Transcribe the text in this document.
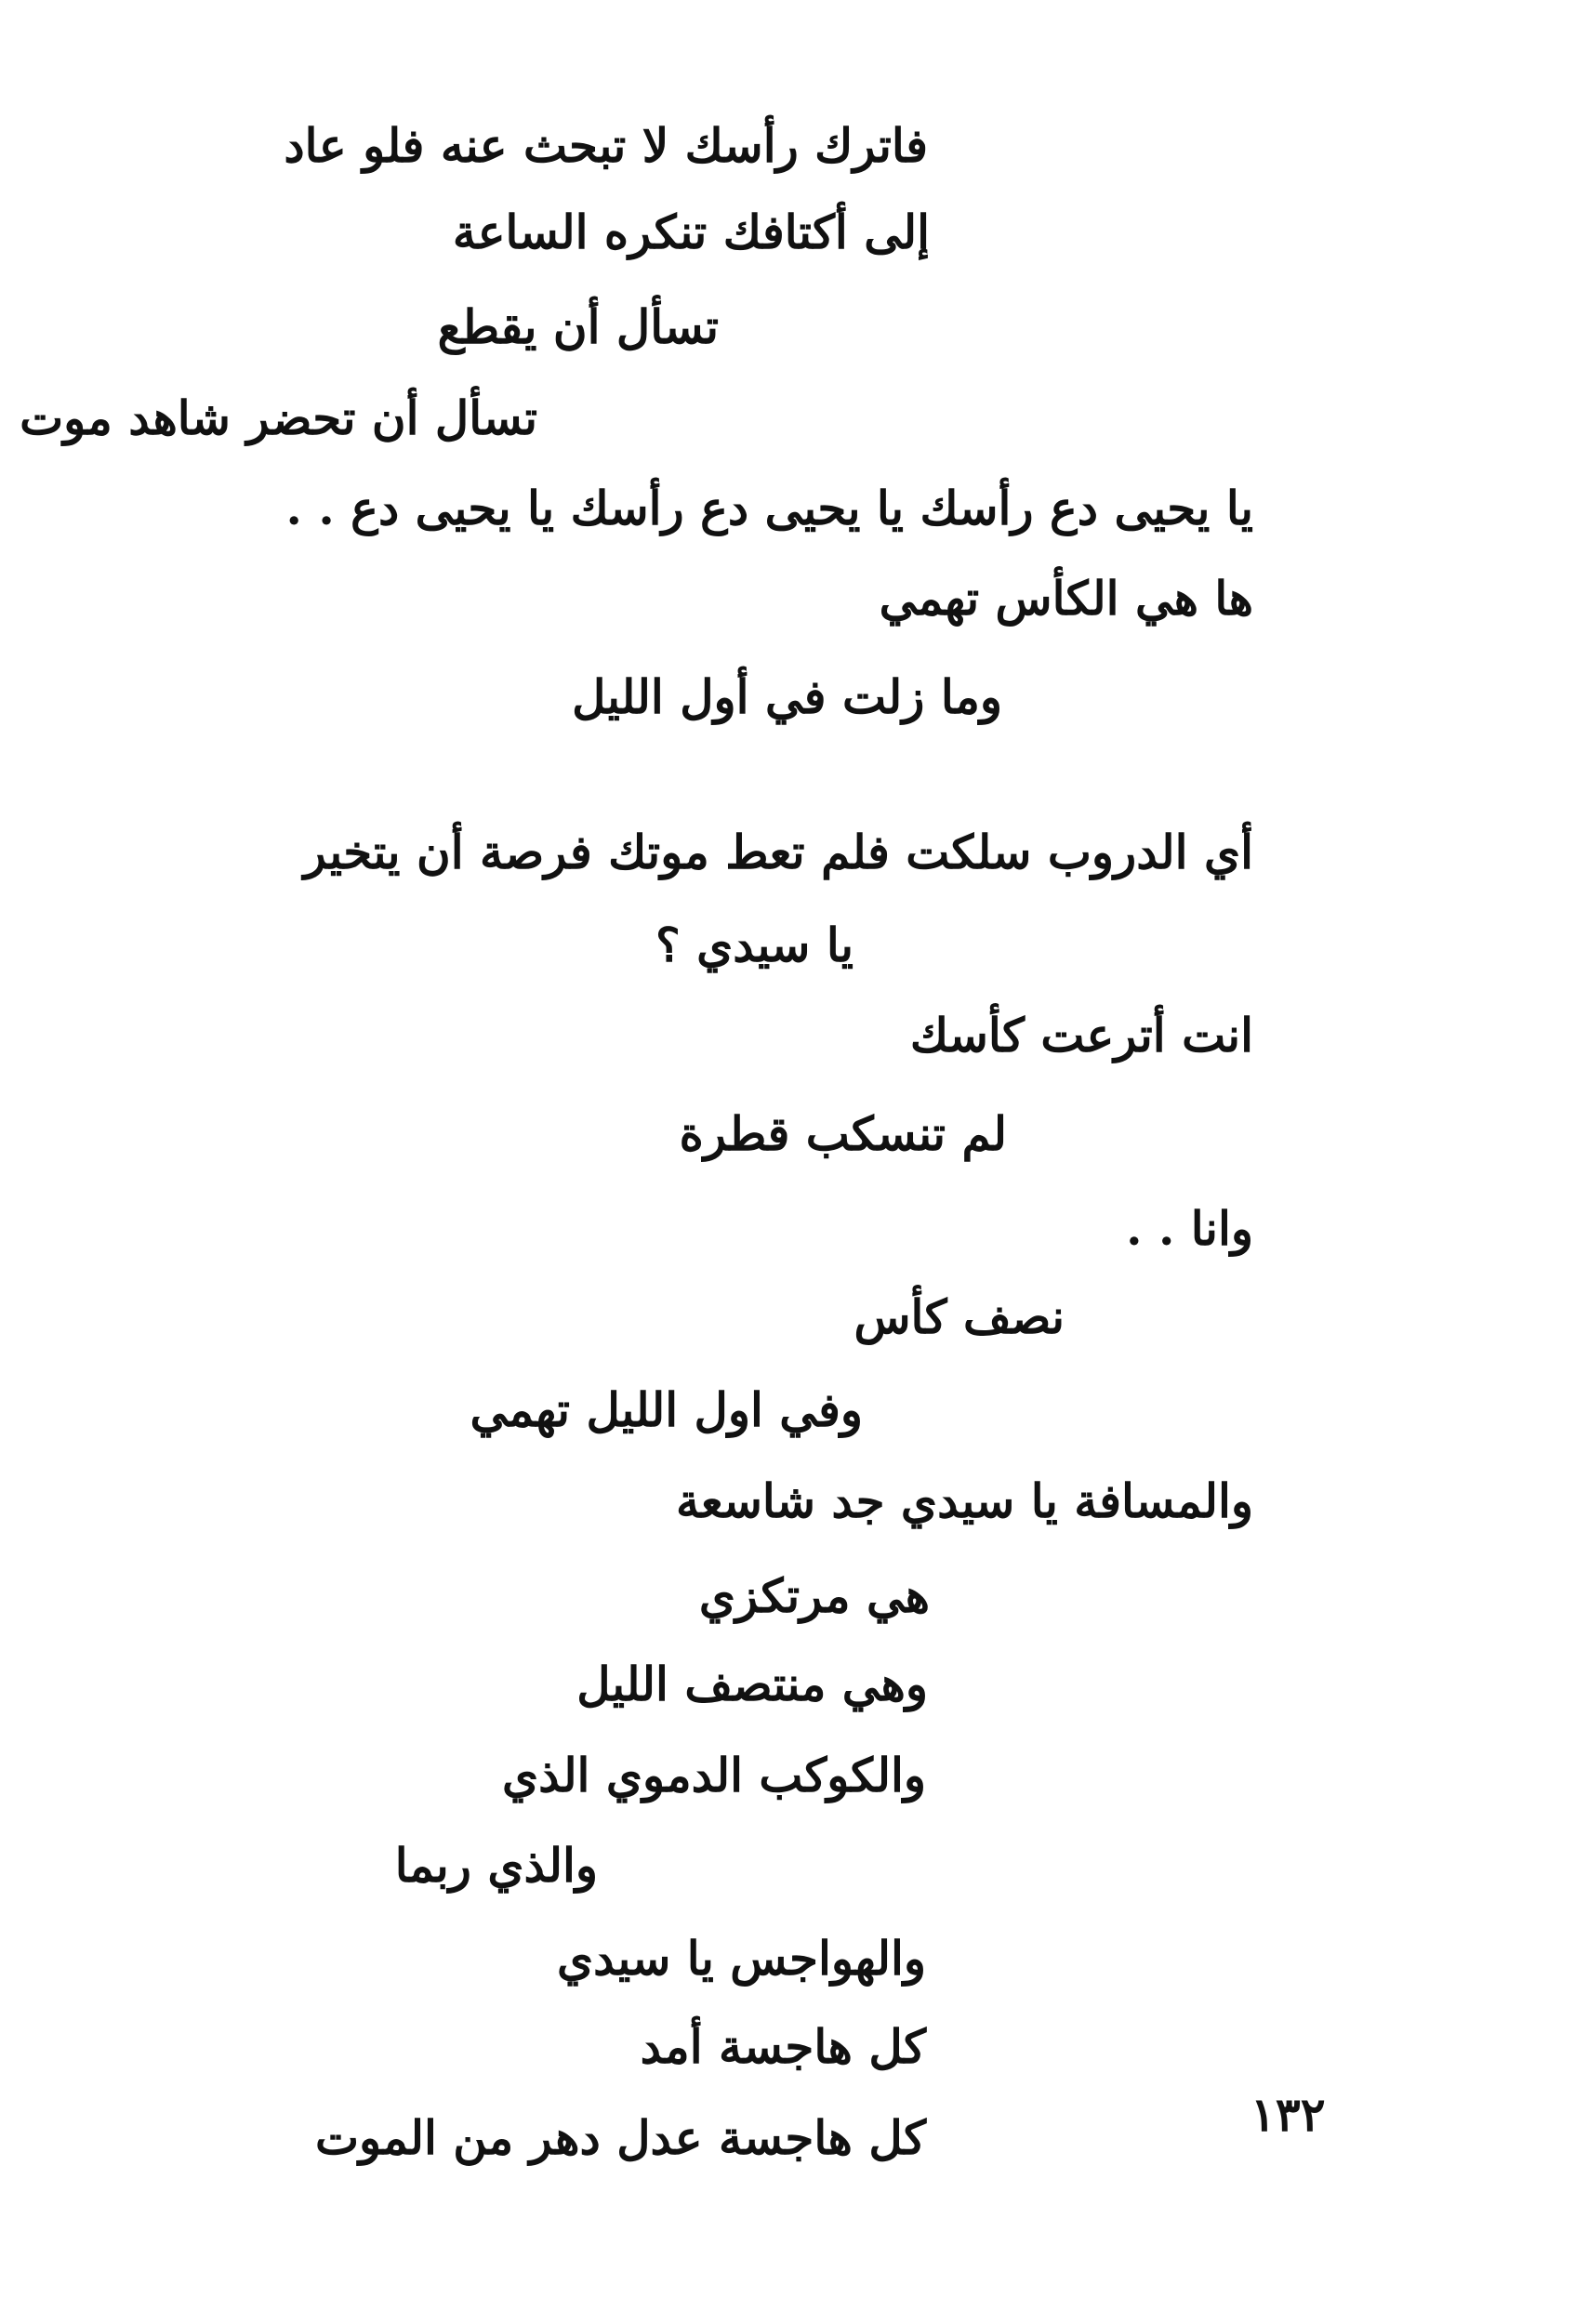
فاترك رأسك لا تبحث عنه فلو عاد
إلى أكتافك تنكره الساعة
تسأل أن يقطع
تسأل أن تحضر شاهد موت
يا يحيى دع رأسك يا يحيى دع رأسك يا يحيى دع . .
ها هي الكأس تهمي
وما زلت في أول الليل
أي الدروب سلكت فلم تعط موتك فرصة أن يتخير
يا سيدي ؟
انت أترعت كأسك
لم تنسكب قطرة
وانا . .
نصف كأس
وفي اول الليل تهمي
والمسافة يا سيدي جد شاسعة
هي مرتكزي
وهي منتصف الليل
والكوكب الدموي الذي
والذي ربما
والهواجس يا سيدي
كل هاجسة أمد
كل هاجسة عدل دهر من الموت	١٣٢
